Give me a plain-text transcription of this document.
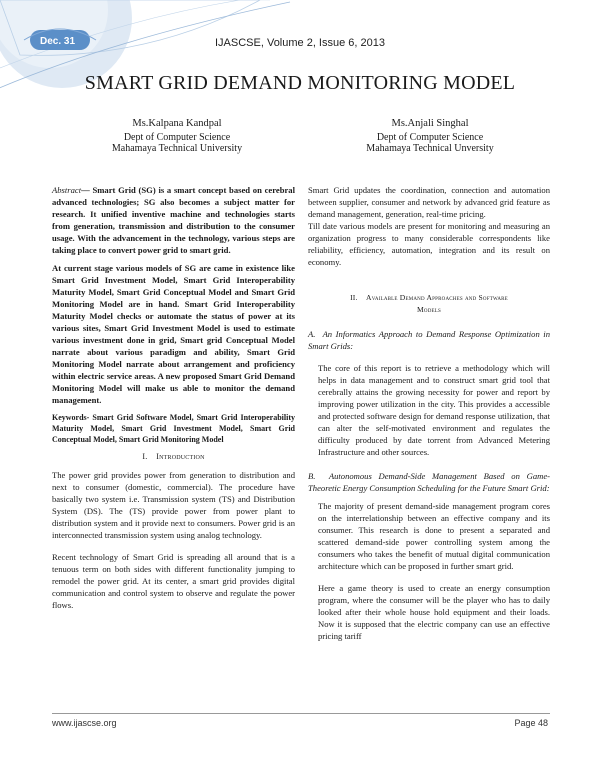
Dec. 31	IJASCSE, Volume 2, Issue 6, 2013
SMART GRID DEMAND MONITORING MODEL
Ms.Kalpana Kandpal
Dept of Computer Science
Mahamaya Technical University
Ms.Anjali Singhal
Dept of Computer Science
Mahamaya Technical Unversity

Abstract— Smart Grid (SG) is a smart concept based on cerebral advanced technologies; SG also becomes a subject matter for research. It unified inventive machine and technologies starts from generation, transmission and distribution to the consumer usage. With the advancement in the technology, various steps are taking place to convert power grid to smart grid.

At current stage various models of SG are came in existence like Smart Grid Investment Model, Smart Grid Interoperability Maturity Model, Smart Grid Conceptual Model and Smart Grid Monitoring Model are in hand. Smart Grid Interoperability Maturity Model checks or automate the status of power at its various sites, Smart Grid Investment Model is used to estimate various investment done in grid, Smart grid Conceptual Model narrate about various paradigm and ability, Smart Grid Monitoring Model narrate about arrangement and proficiency within electric service areas. A new proposed Smart Grid Demand Monitoring Model will make us able to monitor the demand management.

Keywords- Smart Grid Software Model, Smart Grid Interoperability Maturity Model, Smart Grid Investment Model, Smart Grid Conceptual Model, Smart Grid Monitoring Model

I. Introduction

The power grid provides power from generation to distribution and next to consumer (domestic, commercial). The procedure have basically two system i.e. Transmission system (TS) and Distribution System (DS). The (TS) provide power from power plant to distribution system and it provide next to consumers. Power grid is an interconnected transmission system using analog technology.

Recent technology of Smart Grid is spreading all around that is a tenuous term on both sides with different functionality jumping to remodel the power grid. At its center, a smart grid provides digital communication and control system to observe and regulate the power flows.

Smart Grid updates the coordination, connection and automation between supplier, consumer and network by advanced grid feature as demand management, generation, real-time pricing.

Till date various models are present for monitoring and measuring an organization progress to many considerable correspondents like reliability, efficiency, automation, integration and its result on economy.

II. Available Demand Approaches and Software
Models

A. An Informatics Approach to Demand Response Optimization in Smart Grids:

The core of this report is to retrieve a methodology which will helps in data management and to construct smart grid tool that cerebrally attains the growing necessity for power and report by improving power utilization in the city. This provides a accessible and protected software design for demand response utilization, that can alter the self-motivated environment and regulates the difficulty produced by date torrent from Advanced Metering Infrastructure and other sources.

B. Autonomous Demand-Side Management Based on Game-Theoretic Energy Consumption Scheduling for the Future Smart Grid:

The majority of present demand-side management program cores on the interrelationship between an effective company and its consumer. This research is done to present a separated and scattered demand-side power controlling system among the consumers who takes the benefit of mutual digital communication architecture which can be proposed in further smart grid.

Here a game theory is used to create an energy consumption program, where the consumer will be the player who has to daily looked after their whole house hold equipment and their loads. Now it is supposed that the electric company can use an effective pricing tariff

www.ijascse.org	Page 48
